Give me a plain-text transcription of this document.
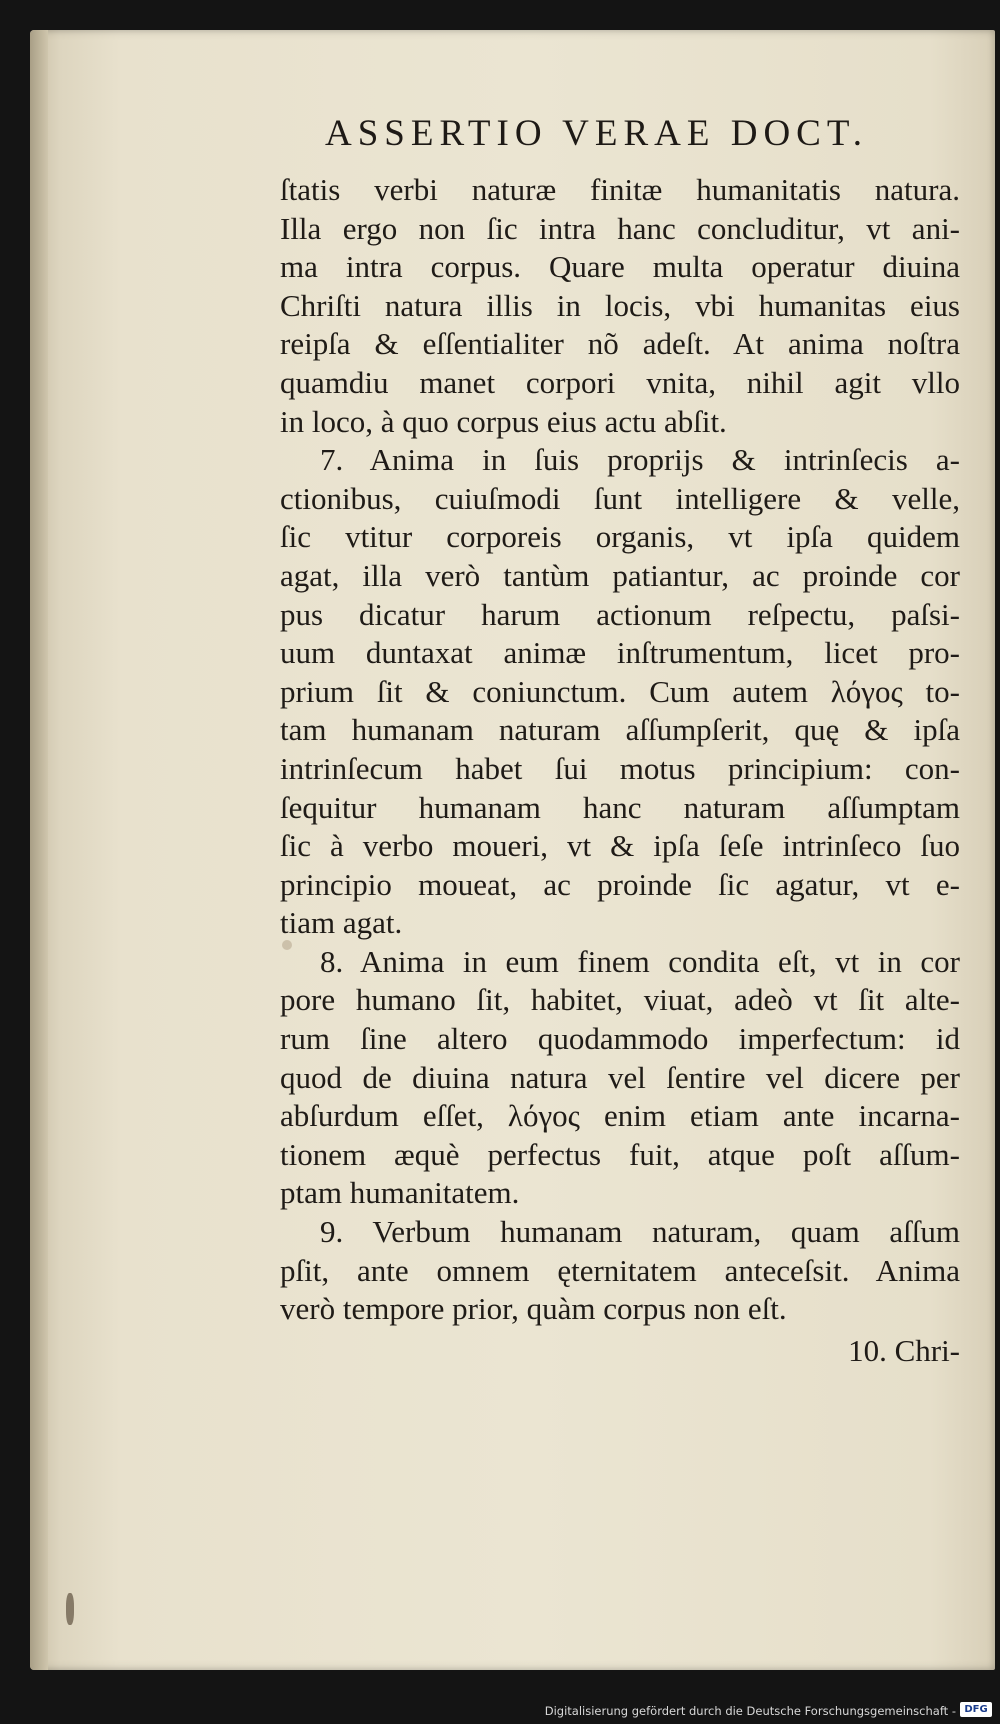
ASSERTIO VERAE DOCT.
ſtatis verbi naturæ finitæ humanitatis natura.
Illa ergo non ſic intra hanc concluditur, vt ani-
ma intra corpus. Quare multa operatur diuina
Chriſti natura illis in locis, vbi humanitas eius
reipſa & eſſentialiter nõ adeſt. At anima noſtra
quamdiu manet corpori vnita, nihil agit vllo
in loco, à quo corpus eius actu abſit.
7. Anima in ſuis proprijs & intrinſecis a-
ctionibus, cuiuſmodi ſunt intelligere & velle,
ſic vtitur corporeis organis, vt ipſa quidem
agat, illa verò tantùm patiantur, ac proinde cor
pus dicatur harum actionum reſpectu, paſsi-
uum duntaxat animæ inſtrumentum, licet pro-
prium ſit & coniunctum. Cum autem λόγος to-
tam humanam naturam aſſumpſerit, quę & ipſa
intrinſecum habet ſui motus principium: con-
ſequitur humanam hanc naturam aſſumptam
ſic à verbo moueri, vt & ipſa ſeſe intrinſeco ſuo
principio moueat, ac proinde ſic agatur, vt e-
tiam agat.
8. Anima in eum finem condita eſt, vt in cor
pore humano ſit, habitet, viuat, adeò vt ſit alte-
rum ſine altero quodammodo imperfectum: id
quod de diuina natura vel ſentire vel dicere per
abſurdum eſſet, λόγος enim etiam ante incarna-
tionem æquè perfectus fuit, atque poſt aſſum-
ptam humanitatem.
9. Verbum humanam naturam, quam aſſum
pſit, ante omnem ęternitatem anteceſsit. Anima
verò tempore prior, quàm corpus non eſt.
10. Chri-
Digitalisierung gefördert durch die Deutsche Forschungsgemeinschaft - DFG
